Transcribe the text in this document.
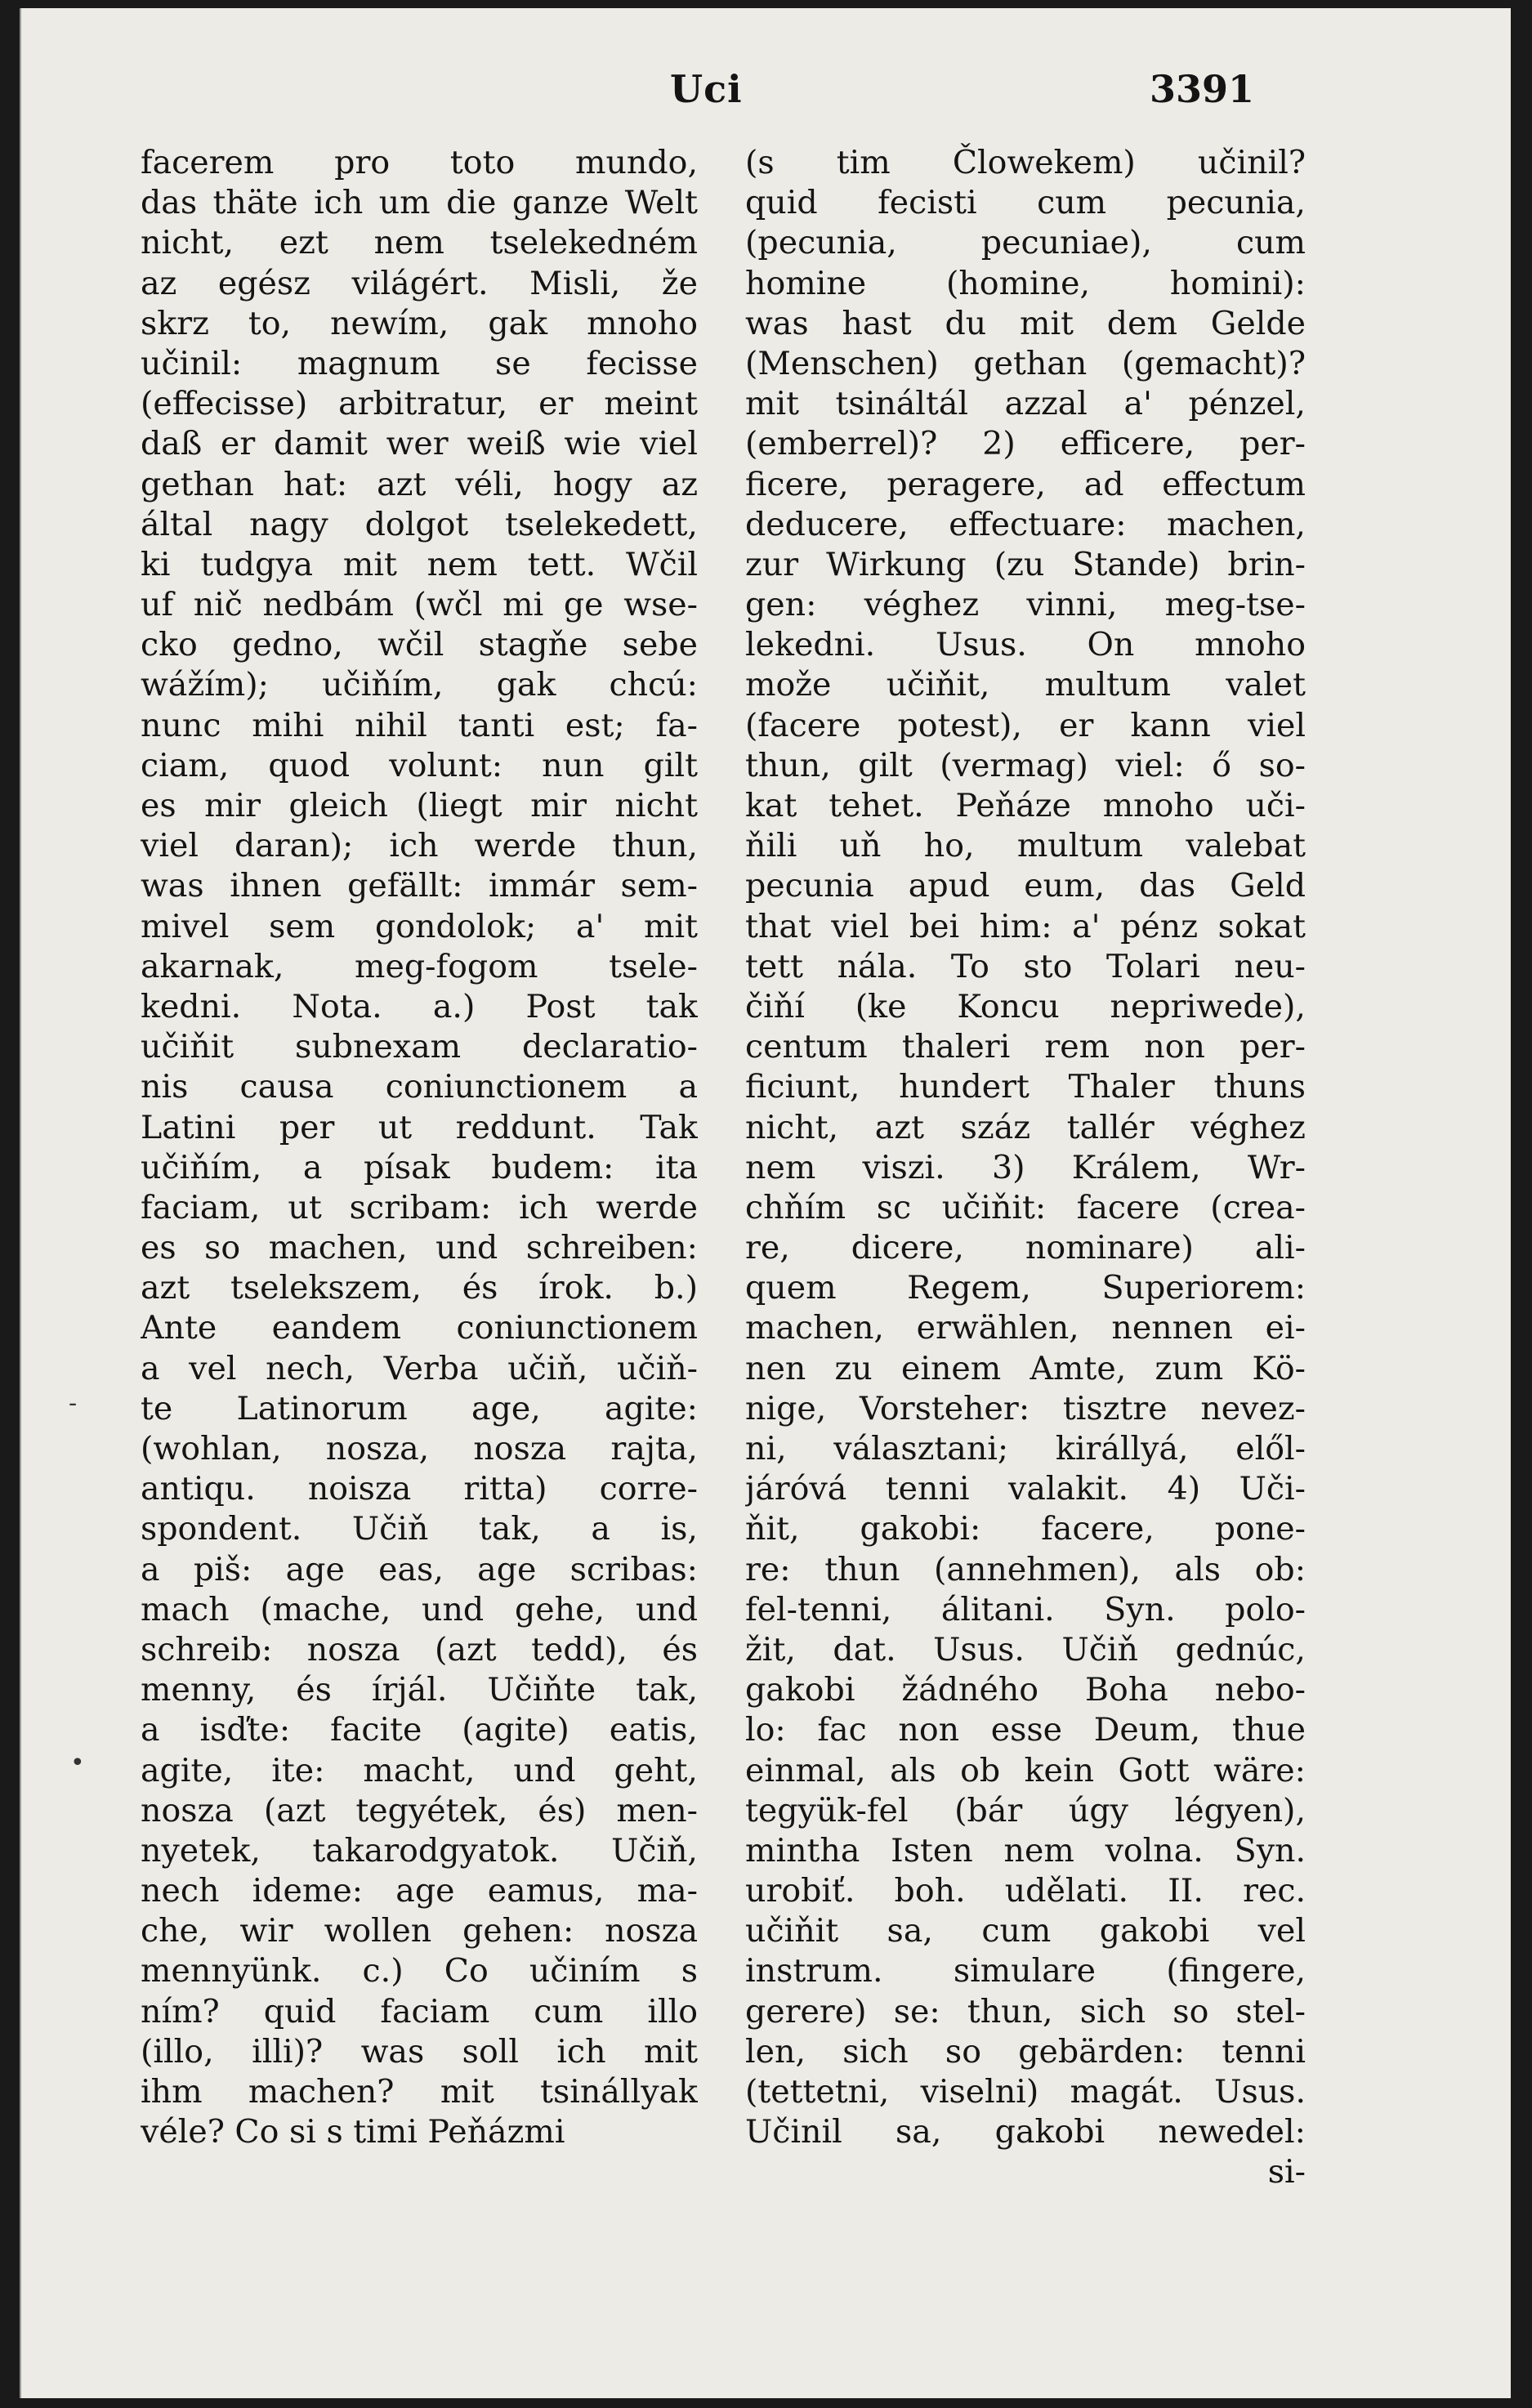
Uci	3391
facerem pro toto mundo,
das thäte ich um die ganze Welt
nicht, ezt nem tselekedném
az egész világért. Misli, že
skrz to, newím, gak mnoho
učinil: magnum se fecisse
(effecisse) arbitratur, er meint
daß er damit wer weiß wie viel
gethan hat: azt véli, hogy az
által nagy dolgot tselekedett,
ki tudgya mit nem tett. Wčil
uf nič nedbám (wčl mi ge wse-
cko gedno, wčil stagňe sebe
wážím); učiňím, gak chcú:
nunc mihi nihil tanti est; fa-
ciam, quod volunt: nun gilt
es mir gleich (liegt mir nicht
viel daran); ich werde thun,
was ihnen gefällt: immár sem-
mivel sem gondolok; a' mit
akarnak, meg-fogom tsele-
kedni. Nota. a.) Post tak
učiňit subnexam declaratio-
nis causa coniunctionem a
Latini per ut reddunt. Tak
učiňím, a písak budem: ita
faciam, ut scribam: ich werde
es so machen, und schreiben:
azt tselekszem, és írok. b.)
Ante eandem coniunctionem
a vel nech, Verba učiň, učiň-
te Latinorum age, agite:
(wohlan, nosza, nosza rajta,
antiqu. noisza ritta) corre-
spondent. Učiň tak, a is,
a piš: age eas, age scribas:
mach (mache, und gehe, und
schreib: nosza (azt tedd), és
menny, és írjál. Učiňte tak,
a isďte: facite (agite) eatis,
agite, ite: macht, und geht,
nosza (azt tegyétek, és) men-
nyetek, takarodgyatok. Učiň,
nech ideme: age eamus, ma-
che, wir wollen gehen: nosza
mennyünk. c.) Co učiním s
ním? quid faciam cum illo
(illo, illi)? was soll ich mit
ihm machen? mit tsinállyak
véle? Co si s timi Peňázmi
(s tim Člowekem) učinil?
quid fecisti cum pecunia,
(pecunia, pecuniae), cum
homine (homine, homini):
was hast du mit dem Gelde
(Menschen) gethan (gemacht)?
mit tsináltál azzal a' pénzel,
(emberrel)? 2) efficere, per-
ficere, peragere, ad effectum
deducere, effectuare: machen,
zur Wirkung (zu Stande) brin-
gen: véghez vinni, meg-tse-
lekedni. Usus. On mnoho
može učiňit, multum valet
(facere potest), er kann viel
thun, gilt (vermag) viel: ő so-
kat tehet. Peňáze mnoho uči-
ňili uň ho, multum valebat
pecunia apud eum, das Geld
that viel bei him: a' pénz sokat
tett nála. To sto Tolari neu-
čiňí (ke Koncu nepriwede),
centum thaleri rem non per-
ficiunt, hundert Thaler thuns
nicht, azt száz tallér véghez
nem viszi. 3) Králem, Wr-
chňím sc učiňit: facere (crea-
re, dicere, nominare) ali-
quem Regem, Superiorem:
machen, erwählen, nennen ei-
nen zu einem Amte, zum Kö-
nige, Vorsteher: tisztre nevez-
ni, választani; királlyá, elől-
járóvá tenni valakit. 4) Uči-
ňit, gakobi: facere, pone-
re: thun (annehmen), als ob:
fel-tenni, álitani. Syn. polo-
žit, dat. Usus. Učiň gednúc,
gakobi žádného Boha nebo-
lo: fac non esse Deum, thue
einmal, als ob kein Gott wäre:
tegyük-fel (bár úgy légyen),
mintha Isten nem volna. Syn.
urobiť. boh. udělati. II. rec.
učiňit sa, cum gakobi vel
instrum. simulare (fingere,
gerere) se: thun, sich so stel-
len, sich so gebärden: tenni
(tettetni, viselni) magát. Usus.
Učinil sa, gakobi newedel:
si-
-
•
